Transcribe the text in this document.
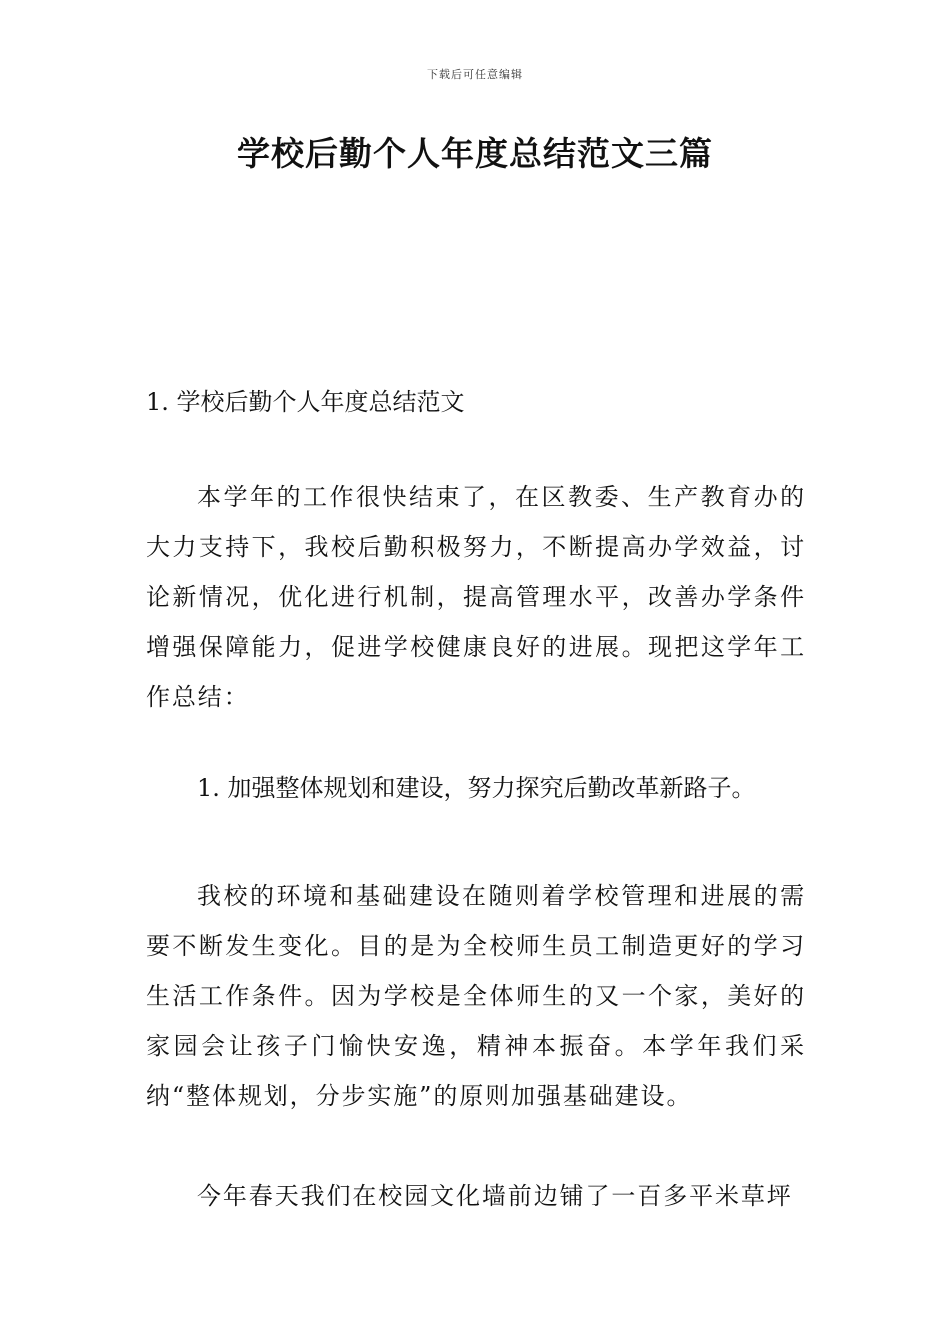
下载后可任意编辑
学校后勤个人年度总结范文三篇
1. 学校后勤个人年度总结范文

本学年的工作很快结束了，在区教委、生产教育办的大力支持下，我校后勤积极努力，不断提高办学效益，讨论新情况，优化进行机制，提高管理水平，改善办学条件增强保障能力，促进学校健康良好的进展。现把这学年工作总结：

1. 加强整体规划和建设，努力探究后勤改革新路子。

我校的环境和基础建设在随则着学校管理和进展的需要不断发生变化。目的是为全校师生员工制造更好的学习生活工作条件。因为学校是全体师生的又一个家，美好的家园会让孩子门愉快安逸，精神本振奋。本学年我们采纳“整体规划，分步实施”的原则加强基础建设。

今年春天我们在校园文化墙前边铺了一百多平米草坪
